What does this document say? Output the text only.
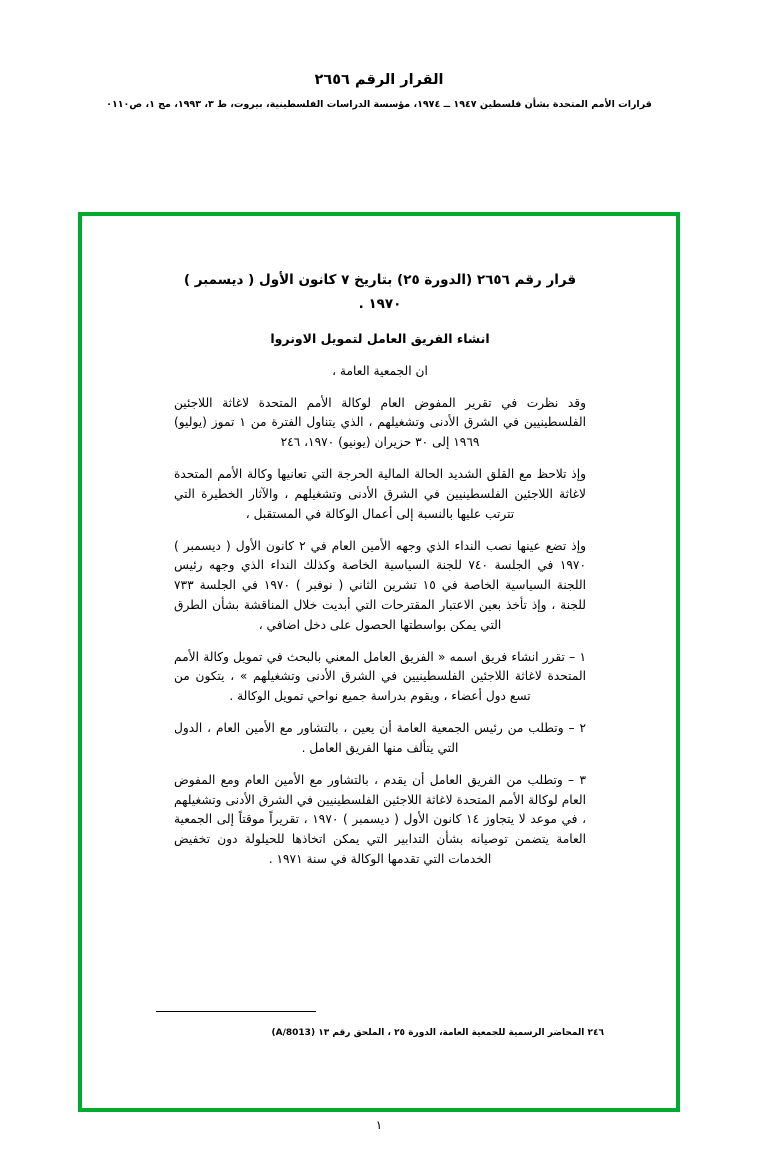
القرار الرقم ٢٦٥٦
قرارات الأمم المتحدة بشأن فلسطين ١٩٤٧ ــ ١٩٧٤، مؤسسة الدراسات الفلسطينية، بيروت، ط ٣، ١٩٩٣، مج ١، ص٠١١٠
قرار رقم ٢٦٥٦ (الدورة ٢٥) بتاريخ ٧ كانون الأول ( ديسمبر )
١٩٧٠ .
انشاء الفريق العامل لتمويل الاونروا

ان الجمعية العامة ،

وقد نظرت في تقرير المفوض العام لوكالة الأمم المتحدة لاغاثة اللاجئين الفلسطينيين في الشرق الأدنى وتشغيلهم ، الذي يتناول الفترة من ١ تموز (يوليو) ١٩٦٩ إلى ٣٠ حزيران (يونيو) ١٩٧٠، ٢٤٦

وإذ تلاحظ مع القلق الشديد الحالة المالية الحرجة التي تعانيها وكالة الأمم المتحدة لاغاثة اللاجئين الفلسطينيين في الشرق الأدنى وتشغيلهم ، والآثار الخطيرة التي تترتب عليها بالنسبة إلى أعمال الوكالة في المستقبل ،

وإذ تضع عينها نصب النداء الذي وجهه الأمين العام في ٢ كانون الأول ( ديسمبر ) ١٩٧٠ في الجلسة ٧٤٠ للجنة السياسية الخاصة وكذلك النداء الذي وجهه رئيس اللجنة السياسية الخاصة في ١٥ تشرين الثاني ( نوفبر ) ١٩٧٠ في الجلسة ٧٣٣ للجنة ، وإذ تأخذ بعين الاعتبار المقترحات التي أبديت خلال المناقشة بشأن الطرق التي يمكن بواسطتها الحصول على دخل اضافي ،

١ – تقرر انشاء فريق اسمه « الفريق العامل المعني بالبحث في تمويل وكالة الأمم المتحدة لاغاثة اللاجئين الفلسطينيين في الشرق الأدنى وتشغيلهم » ، يتكون من تسع دول أعضاء ، ويقوم بدراسة جميع نواحي تمويل الوكالة .

٢ – وتطلب من رئيس الجمعية العامة أن يعين ، بالتشاور مع الأمين العام ، الدول التي يتألف منها الفريق العامل .

٣ – وتطلب من الفريق العامل أن يقدم ، بالتشاور مع الأمين العام ومع المفوض العام لوكالة الأمم المتحدة لاغاثة اللاجئين الفلسطينيين في الشرق الأدنى وتشغيلهم ، في موعد لا يتجاوز ١٤ كانون الأول ( ديسمبر ) ١٩٧٠ ، تقريراً موقتاً إلى الجمعية العامة يتضمن توصيانه بشأن التدابير التي يمكن اتخاذها للحيلولة دون تخفيض الخدمات التي تقدمها الوكالة في سنة ١٩٧١ .

٢٤٦ المحاضر الرسمية للجمعية العامة، الدورة ٢٥ ، الملحق رقم ١٣ (A/8013)
١
